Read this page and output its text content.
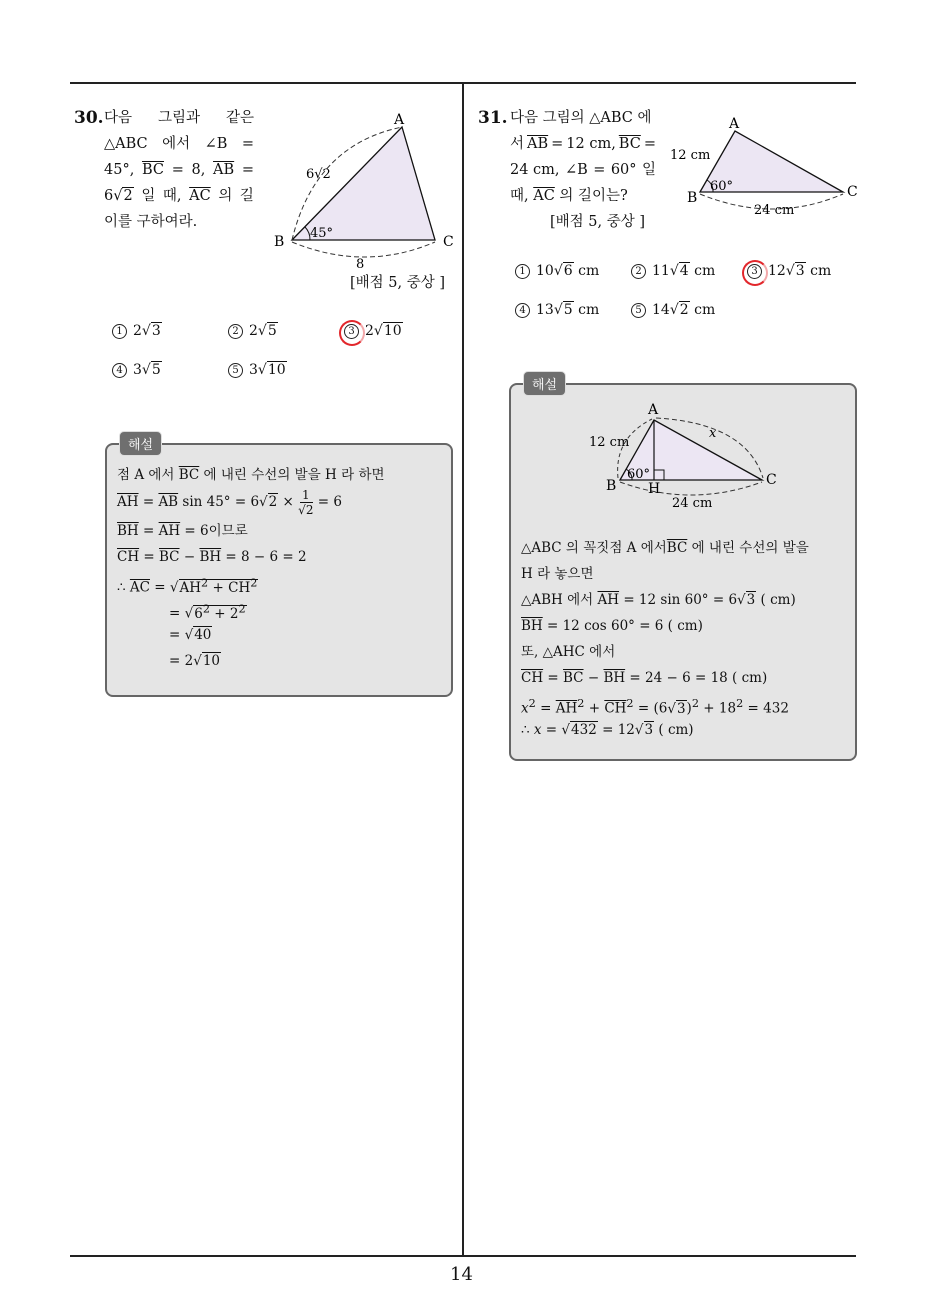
14
30. 다음 그림과 같은
△ABC 에서 ∠B =
45°, $\overline{BC} = 8$, $\overline{AB}$ =
6√2 일 때, $\overline{AC}$ 의 길
이를 구하여라.
A
B	C
6√2
45°
8
[배점 5, 중상 ]
1 2√3	2 2√5	3 2√10
4 3√5	5 3√10
해설
점 A 에서 $\overline{BC}$ 에 내린 수선의 발을 H 라 하면
$\overline{AH} = \overline{AB}$ $\sin 45^\circ = 6√2 \times \frac{1}{√2} = 6$
$\overline{BH} = \overline{AH} = 6$이므로
$\overline{CH} = \overline{BC} - \overline{BH} = 8 - 6 = 2$
∴ $\overline{AC} = √AH^2 + \overline{CH}^2$
= $√6^2 + 2^2$
= √40
= 2√10
31. 다음 그림의 △ABC 에
서 $\overline{AB} = 12$ cm, $\overline{BC}$ =
24 cm, ∠B = 60° 일
때, $\overline{AC}$ 의 길이는?
[배점 5, 중상 ]
A
B	C
12 cm
60°
24 cm
1 10√6 cm	2 11√4 cm	3 12√3 cm
4 13√5 cm	5 14√2 cm
해설
A
B	C
H
12 cm
60°
24 cm
x
△ABC 의 꼭짓점 A 에서$\overline{BC}$ 에 내린 수선의 발을
H 라 놓으면
△ABH 에서 $\overline{AH} = 12$ sin 60° = 6√3 ( cm)
$\overline{BH} = 12$ cos 60° = 6 ( cm)
또, △AHC 에서
$\overline{CH} = \overline{BC} - \overline{BH} = 24 - 6 = 18$ ( cm)
$x^2 = \overline{AH}^2 + \overline{CH}^2 = (6√3)^2 + 18^2 = 432$
∴ x = √432 = 12√3 ( cm)
